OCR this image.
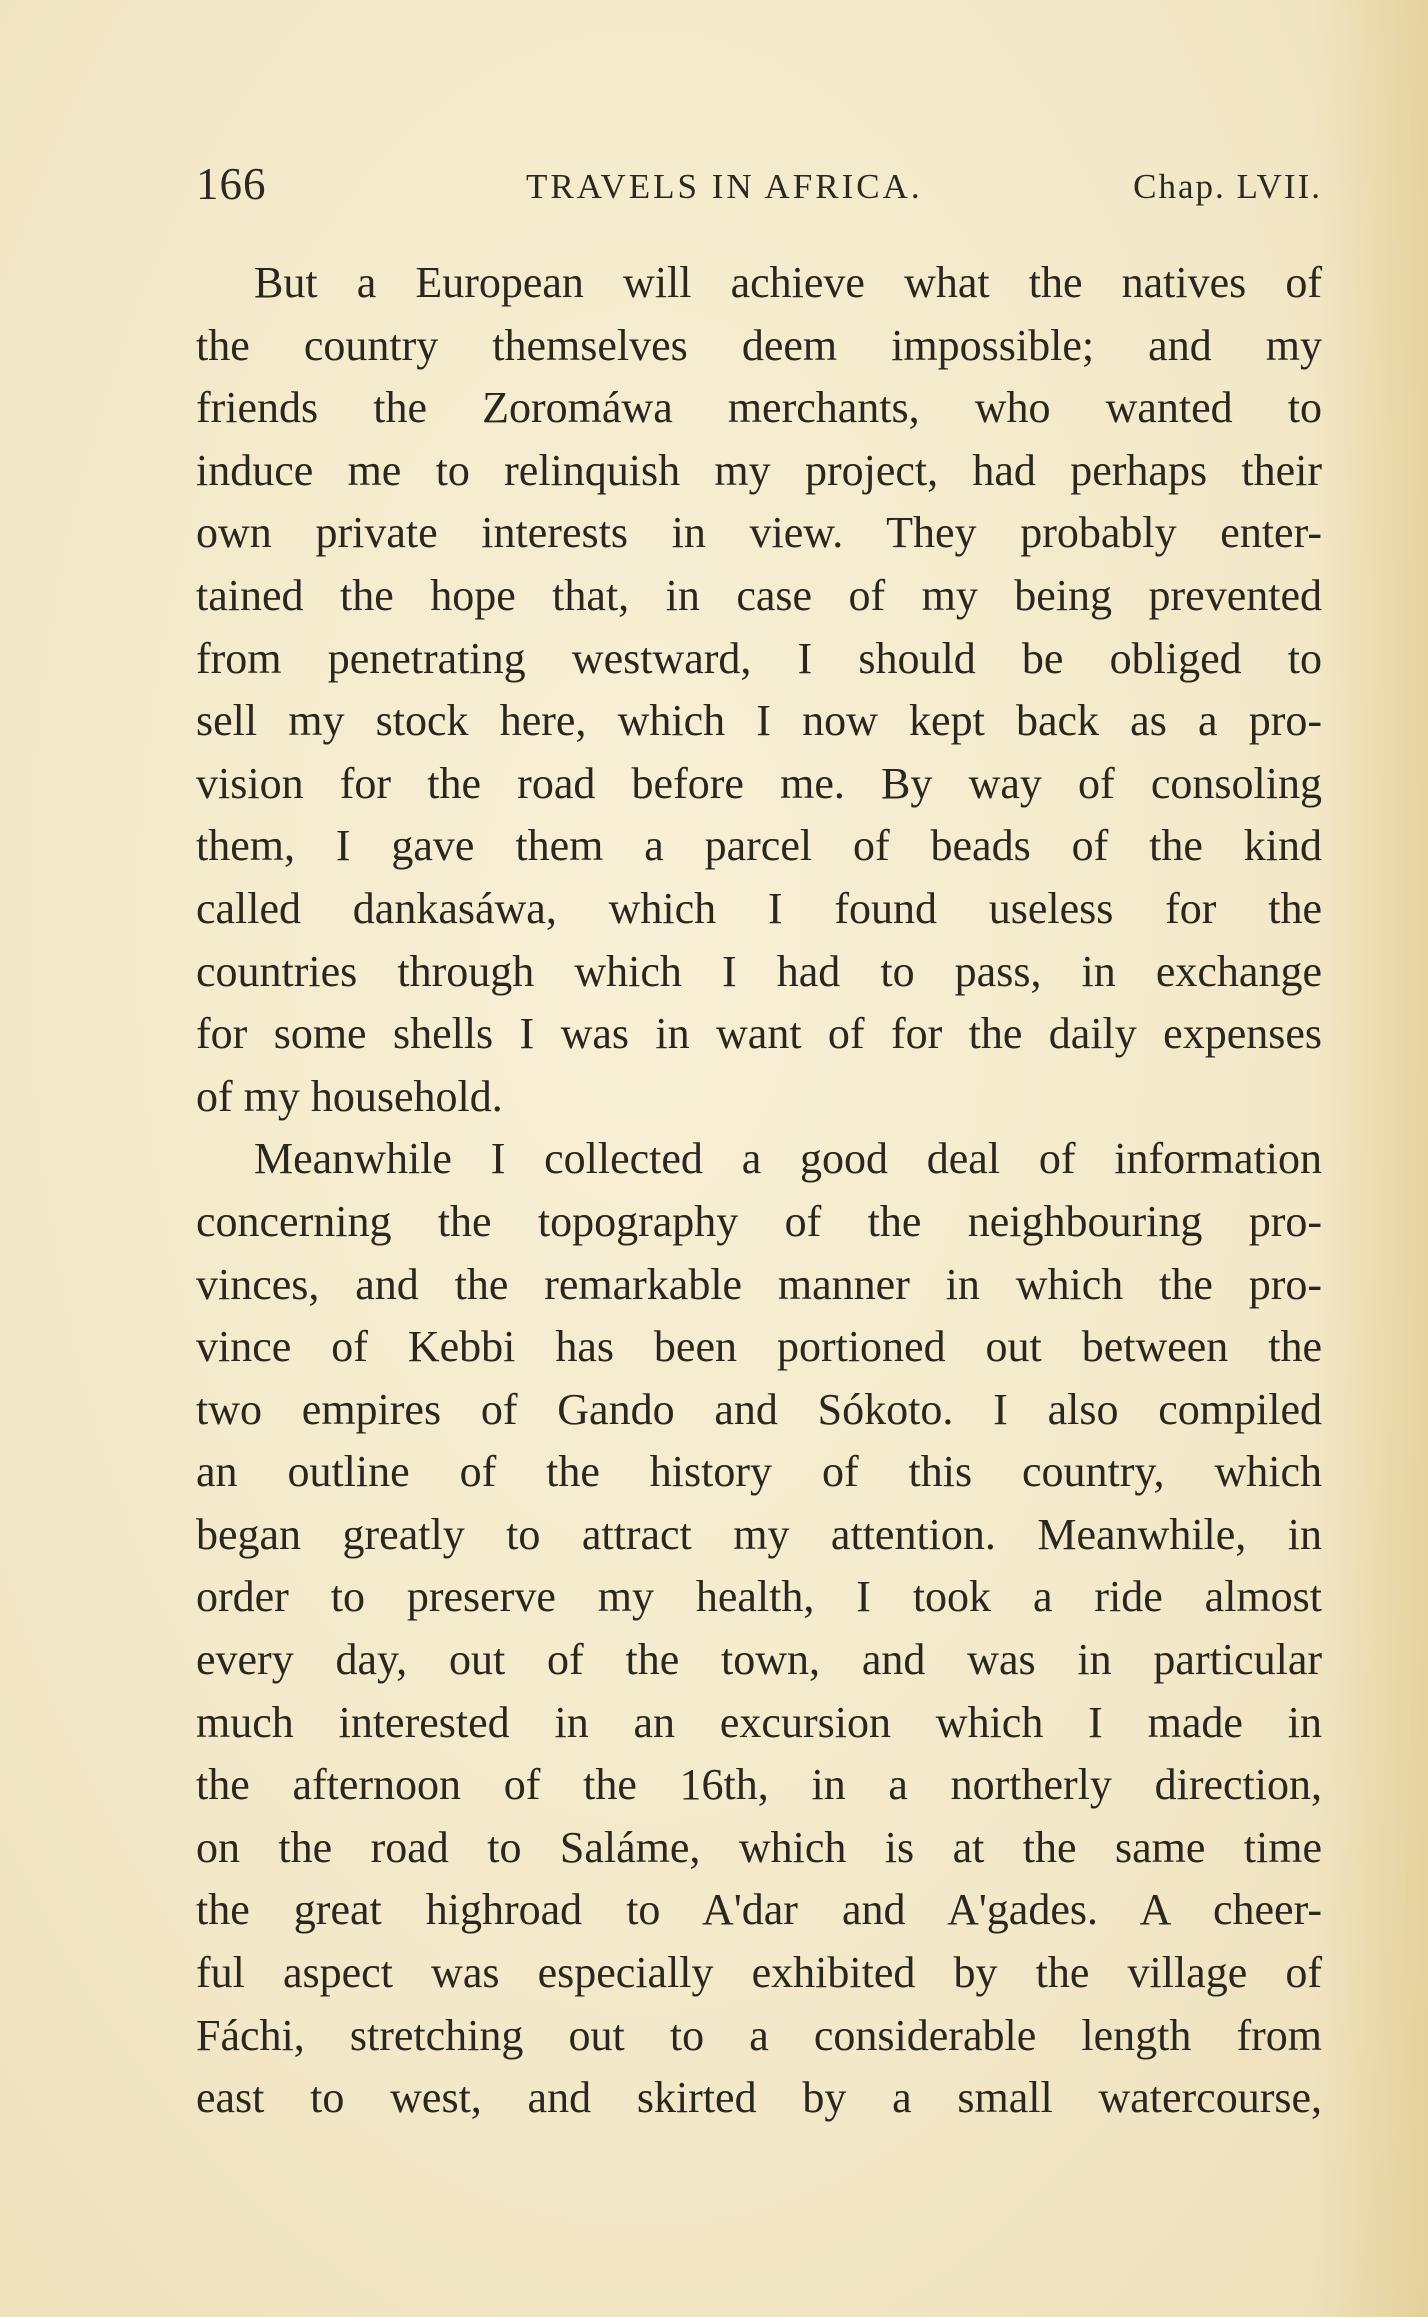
166	TRAVELS IN AFRICA.	Chap. LVII.
But a European will achieve what the natives of
the country themselves deem impossible; and my
friends the Zoromáwa merchants, who wanted to
induce me to relinquish my project, had perhaps their
own private interests in view. They probably enter-
tained the hope that, in case of my being prevented
from penetrating westward, I should be obliged to
sell my stock here, which I now kept back as a pro-
vision for the road before me. By way of consoling
them, I gave them a parcel of beads of the kind
called dankasáwa, which I found useless for the
countries through which I had to pass, in exchange
for some shells I was in want of for the daily expenses
of my household.
Meanwhile I collected a good deal of information
concerning the topography of the neighbouring pro-
vinces, and the remarkable manner in which the pro-
vince of Kebbi has been portioned out between the
two empires of Gando and Sókoto. I also compiled
an outline of the history of this country, which
began greatly to attract my attention. Meanwhile, in
order to preserve my health, I took a ride almost
every day, out of the town, and was in particular
much interested in an excursion which I made in
the afternoon of the 16th, in a northerly direction,
on the road to Saláme, which is at the same time
the great highroad to A'dar and A'gades. A cheer-
ful aspect was especially exhibited by the village of
Fáchi, stretching out to a considerable length from
east to west, and skirted by a small watercourse,
